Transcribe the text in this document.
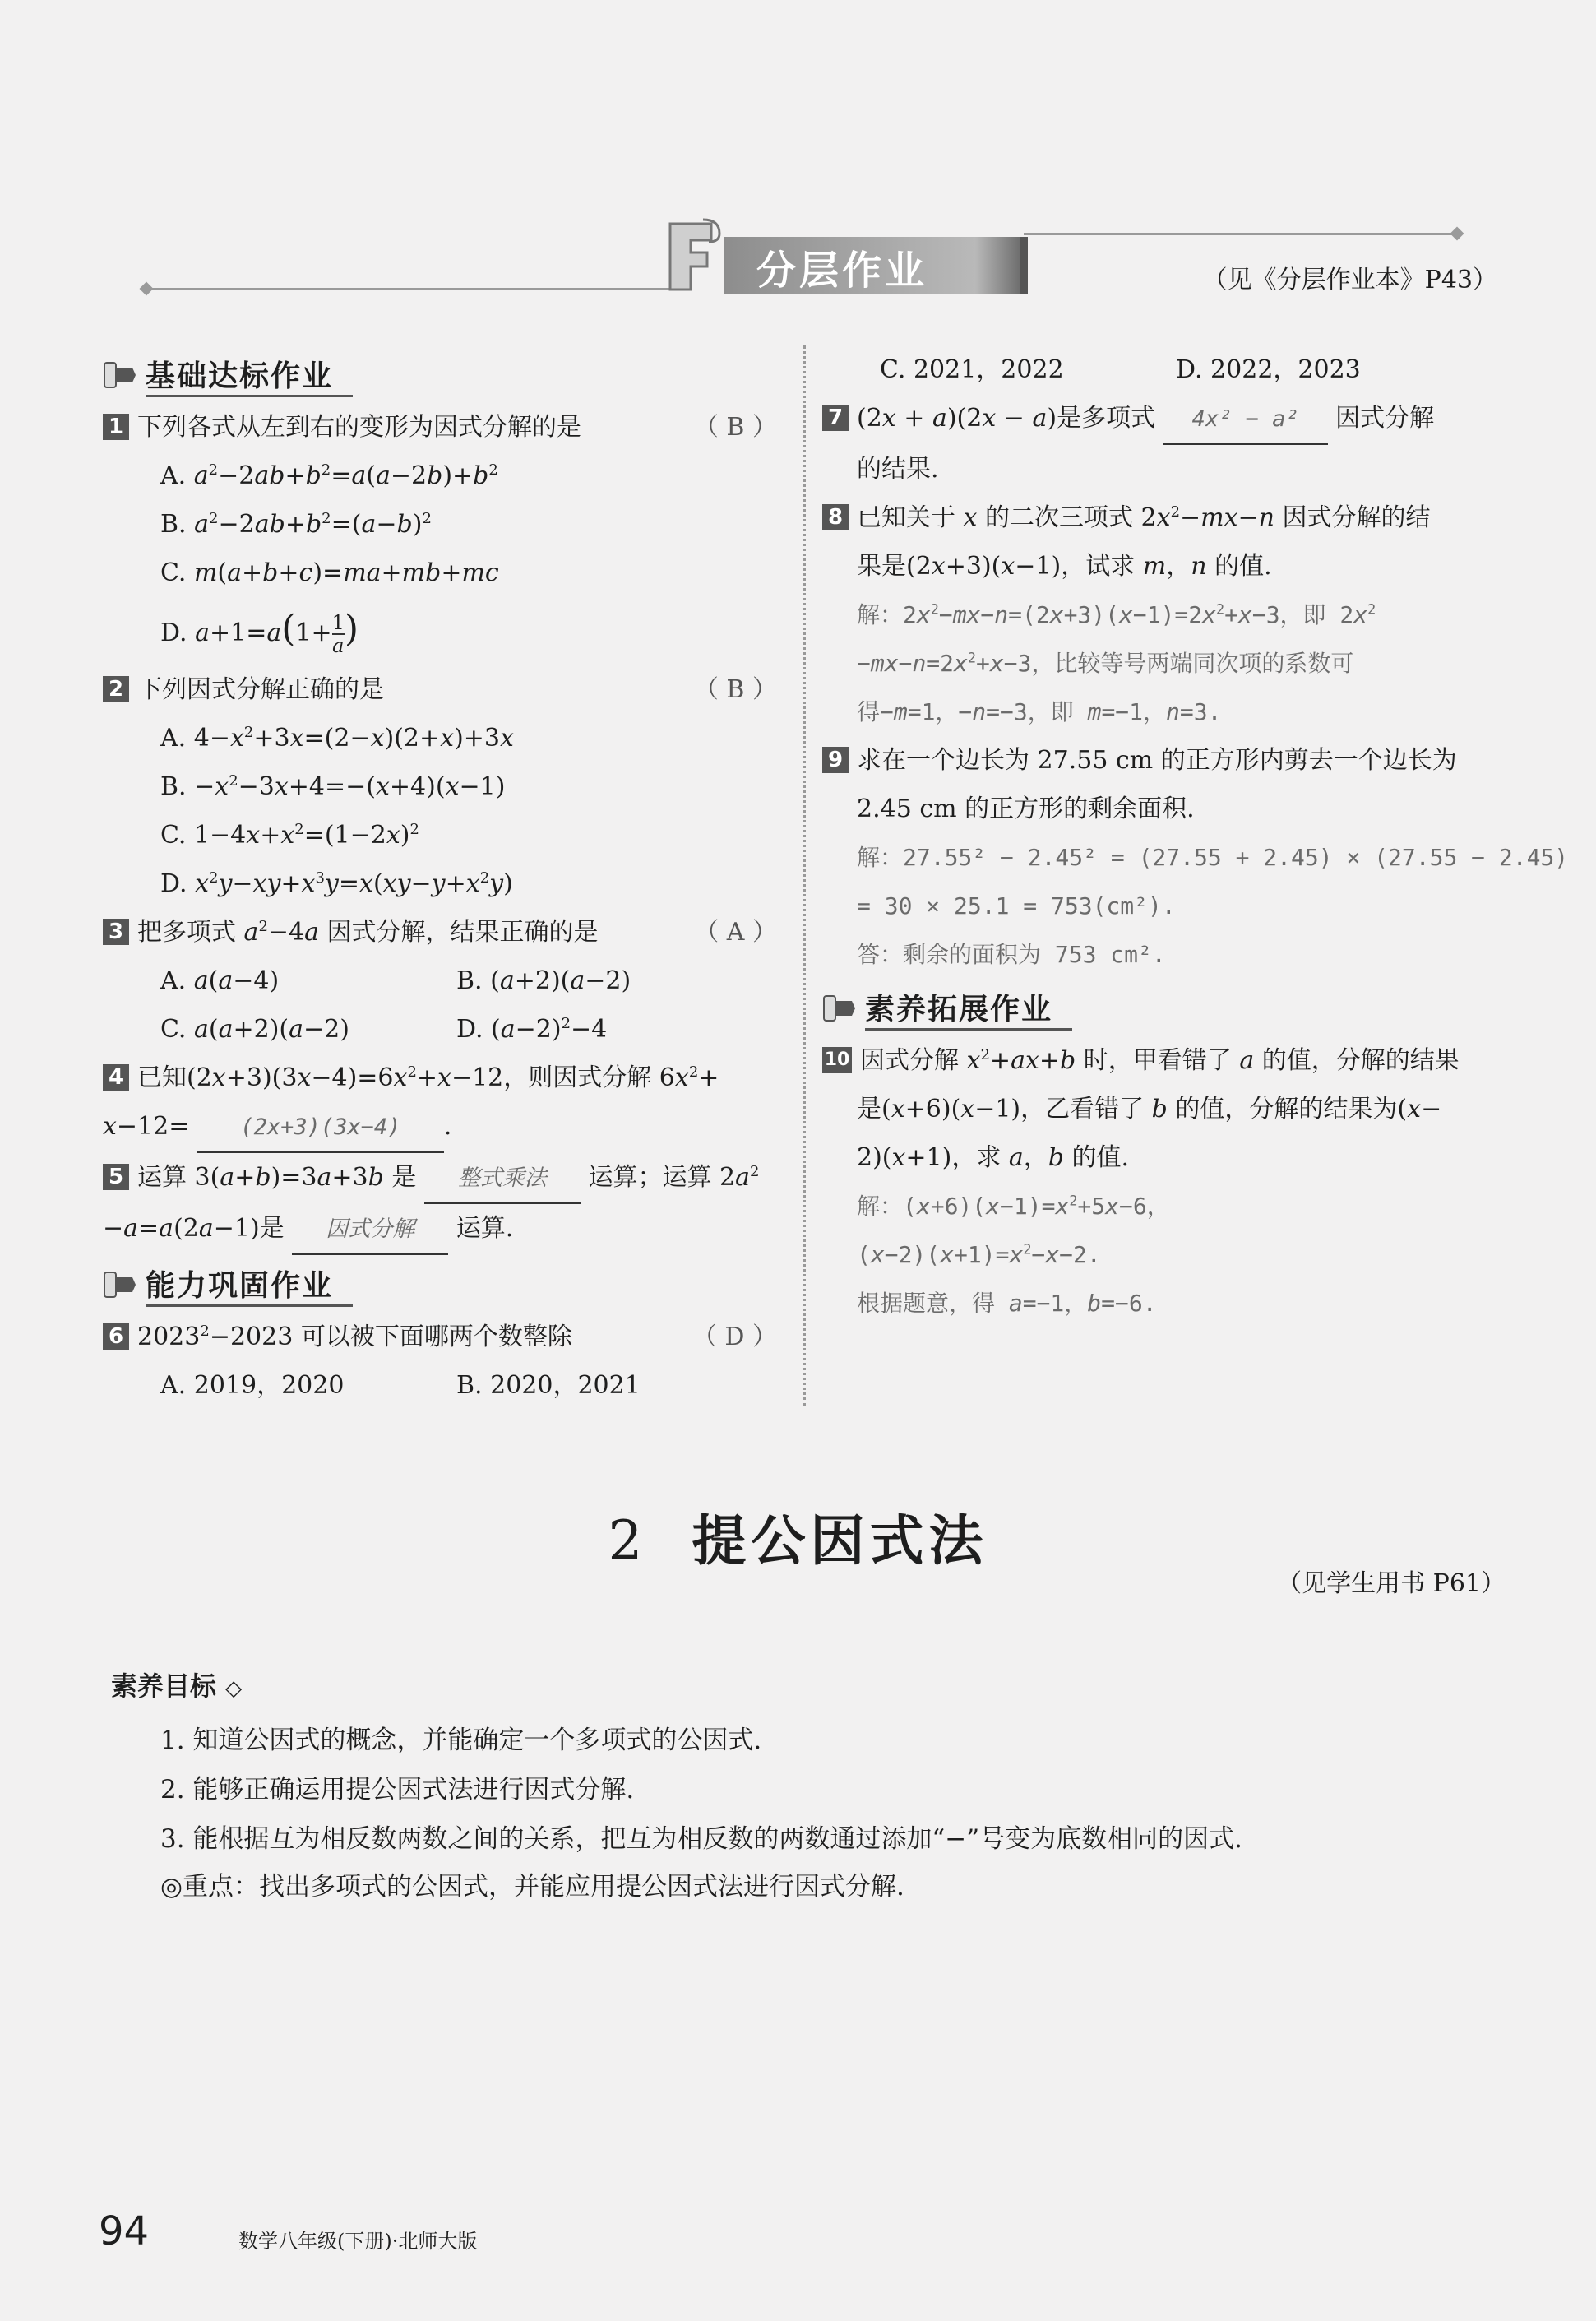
分层作业	（见《分层作业本》P43）
基础达标作业
1 下列各式从左到右的变形为因式分解的是	（ B ）
A. $a^2-2ab+b^2=a(a-2b)+b^2$
B. $a^2-2ab+b^2=(a-b)^2$
C. m(a+b+c)=ma+mb+mc
D. $a+1=a(1+ \frac{1}{a}$ )
2 下列因式分解正确的是	（ B ）
A. $4-x^2+3x=(2-x)(2+x)+3x$
B. $-x^2-3x+4=-(x+4)(x-1)$
C. $1-4x+x^2=(1-2x)^2$
D. $x^2y-xy+x^3y=x(xy-y+x^2y)$
3 把多项式 $a^2-4a$ 因式分解，结果正确的是	（ A ）
A. a(a−4)	B. (a+2)(a−2)
C. a(a+2)(a−2)	D. $(a-2)^2-4$
4 已知$(2x+3)(3x-4)=6x^2+x-12$，则因式分解 $6x^2+$
x−12= (2x+3)(3x−4) .
5 运算 3(a+b)=3a+3b 是 整式乘法 运算；运算 $2a^2$
−a=a(2a−1)是 因式分解 运算.
能力巩固作业
6 $2023^2-2023$ 可以被下面哪两个数整除	（ D ）
A. 2019，2020	B. 2020，2021
C. 2021，2022	D. 2022，2023
7 (2x + a)(2x − a)是多项式 4x² − a² 因式分解
的结果.
8 已知关于 x 的二次三项式 $2x^2-mx-n$ 因式分解的结
果是(2x+3)(x−1)，试求 m，n 的值.
解：$2x^2-mx-n=(2x+3)(x-1)=2x^2+x-3$，即 $2x^2$
$-mx-n=2x^2+x-3$，比较等号两端同次项的系数可
得−m=1，−n=−3，即 m=−1，n=3.
9 求在一个边长为 27.55 cm 的正方形内剪去一个边长为
2.45 cm 的正方形的剩余面积.
解：27.55² − 2.45² = (27.55 + 2.45) × (27.55 − 2.45)
= 30 × 25.1 = 753(cm²).
答：剩余的面积为 753 cm².
素养拓展作业
10 因式分解 $x^2+ax+b$ 时，甲看错了 a 的值，分解的结果
是(x+6)(x−1)，乙看错了 b 的值，分解的结果为(x−
2)(x+1)，求 a，b 的值.
解：$(x+6)(x-1)=x^2+5x-6$，
$(x-2)(x+1)=x^2-x-2$.
根据题意，得 a=−1，b=−6.
2 提公因式法
（见学生用书 P61）
素养目标 ◇
1. 知道公因式的概念，并能确定一个多项式的公因式.
2. 能够正确运用提公因式法进行因式分解.
3. 能根据互为相反数两数之间的关系，把互为相反数的两数通过添加“−”号变为底数相同的因式.
◎重点：找出多项式的公因式，并能应用提公因式法进行因式分解.
94	数学八年级(下册)·北师大版
